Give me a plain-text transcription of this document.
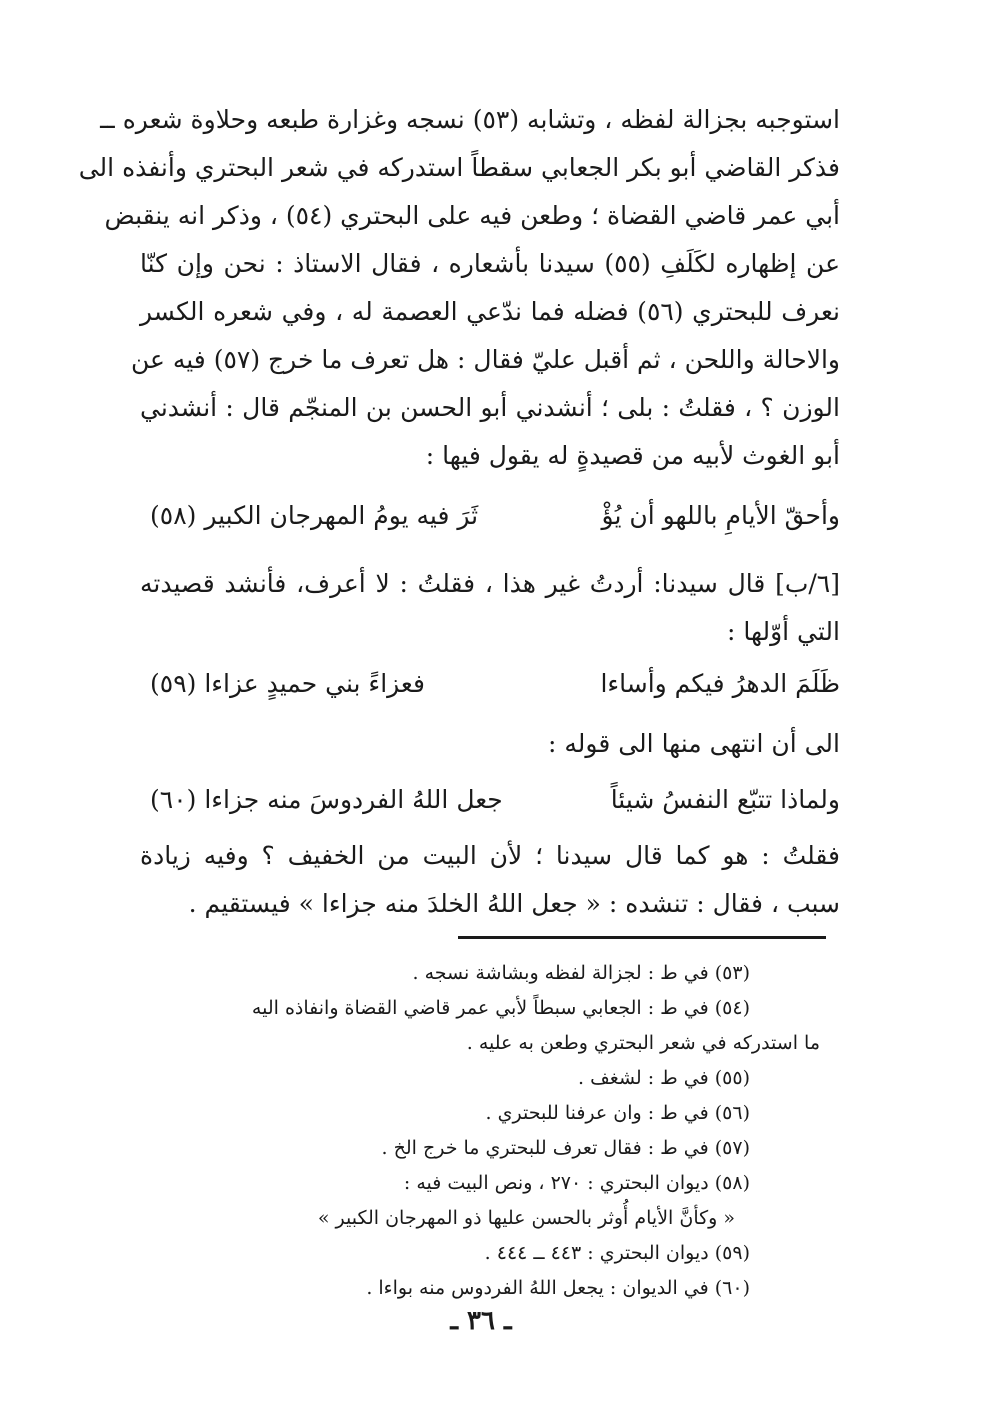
استوجبه بجزالة لفظه ، وتشابه (٥٣) نسجه وغزارة طبعه وحلاوة شعره ــ
فذكر القاضي أبو بكر الجعابي سقطاً استدركه في شعر البحتري وأنفذه الى
أبي عمر قاضي القضاة ؛ وطعن فيه على البحتري (٥٤) ، وذكر انه ينقبض
عن إظهاره لكَلَفِ (٥٥) سيدنا بأشعاره ، فقال الاستاذ : نحن وإن كنّا
نعرف للبحتري (٥٦) فضله فما ندّعي العصمة له ، وفي شعره الكسر
والاحالة واللحن ، ثم أقبل عليّ فقال : هل تعرف ما خرج (٥٧) فيه عن
الوزن ؟ ، فقلتُ : بلى ؛ أنشدني أبو الحسن بن المنجّم قال : أنشدني
أبو الغوث لأبيه من قصيدةٍ له يقول فيها :
وأحقّ الأيامِ باللهو أن يُؤْ
ثَرَ فيه يومُ المهرجان الكبير (٥٨)
[٦/ب] قال سيدنا: أردتُ غير هذا ، فقلتُ : لا أعرف، فأنشد قصيدته
التي أوّلها :
ظَلَمَ الدهرُ فيكم وأساءا
فعزاءً بني حميدٍ عزاءا (٥٩)
الى أن انتهى منها الى قوله :
ولماذا تتبّع النفسُ شيئاً
جعل اللهُ الفردوسَ منه جزاءا (٦٠)
فقلتُ : هو كما قال سيدنا ؛ لأن البيت من الخفيف ؟ وفيه زيادة
سبب ، فقال : تنشده : « جعل اللهُ الخلدَ منه جزاءا » فيستقيم .
(٥٣) في ط : لجزالة لفظه وبشاشة نسجه .
(٥٤) في ط : الجعابي سبطاً لأبي عمر قاضي القضاة وانفاذه اليه
ما استدركه في شعر البحتري وطعن به عليه .
(٥٥) في ط : لشغف .
(٥٦) في ط : وان عرفنا للبحتري .
(٥٧) في ط : فقال تعرف للبحتري ما خرج الخ .
(٥٨) ديوان البحتري : ٢٧٠ ، ونص البيت فيه :
« وكأنَّ الأيام أُوثر بالحسن عليها ذو المهرجان الكبير »
(٥٩) ديوان البحتري : ٤٤٣ ــ ٤٤٤ .
(٦٠) في الديوان : يجعل اللهُ الفردوس منه بواءا .
ـ ٣٦ ـ
